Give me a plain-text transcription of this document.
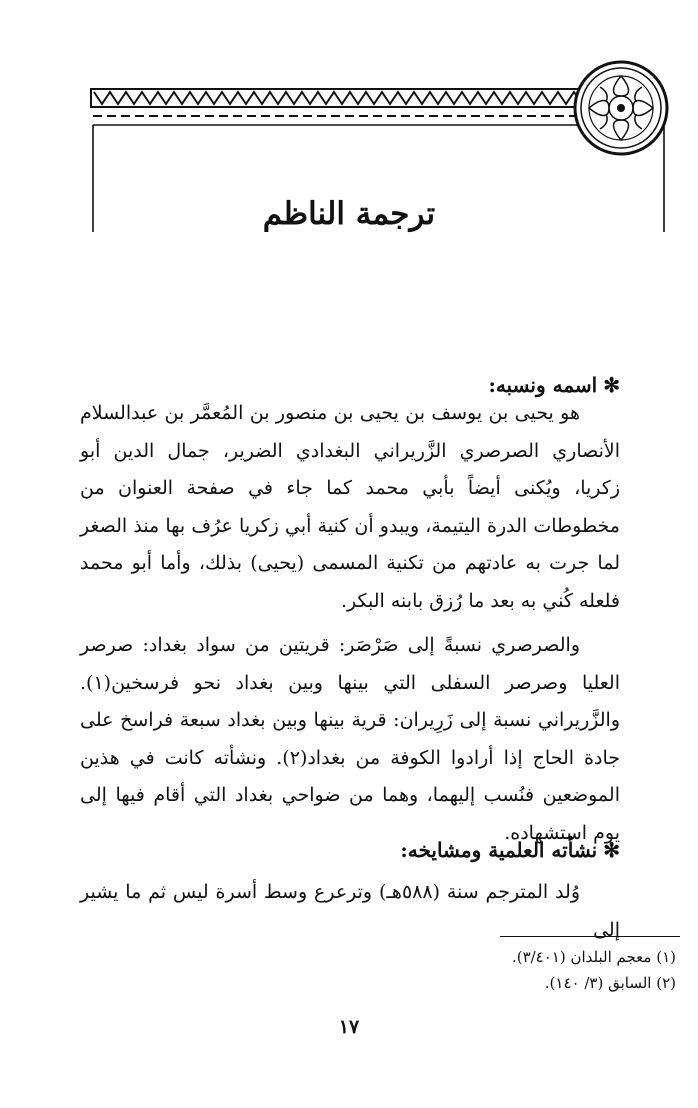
ترجمة الناظم
✻اسمه ونسبه:

هو يحيى بن يوسف بن يحيى بن منصور بن المُعمَّر بن عبدالسلام الأنصاري الصرصري الزَّريراني البغدادي الضرير، جمال الدين أبو زكريا، ويُكنى أيضاً بأبي محمد كما جاء في صفحة العنوان من مخطوطات الدرة اليتيمة، ويبدو أن كنية أبي زكريا عرُف بها منذ الصغر لما جرت به عادتهم من تكنية المسمى (يحيى) بذلك، وأما أبو محمد فلعله كُني به بعد ما رُزق بابنه البكر.

والصرصري نسبةً إلى صَرْصَر: قريتين من سواد بغداد: صرصر العليا وصرصر السفلى التي بينها وبين بغداد نحو فرسخين(١). والزَّريراني نسبة إلى زَرِيران: قرية بينها وبين بغداد سبعة فراسخ على جادة الحاج إذا أرادوا الكوفة من بغداد(٢). ونشأته كانت في هذين الموضعين فنُسب إليهما، وهما من ضواحي بغداد التي أقام فيها إلى يوم استشهاده.

✻نشأته العلمية ومشايخه:

وُلد المترجم سنة (٥٨٨هـ) وترعرع وسط أسرة ليس ثم ما يشير إلى

(١) معجم البلدان (٣/٤٠١).

(٢) السابق (٣/ ١٤٠).

١٧
